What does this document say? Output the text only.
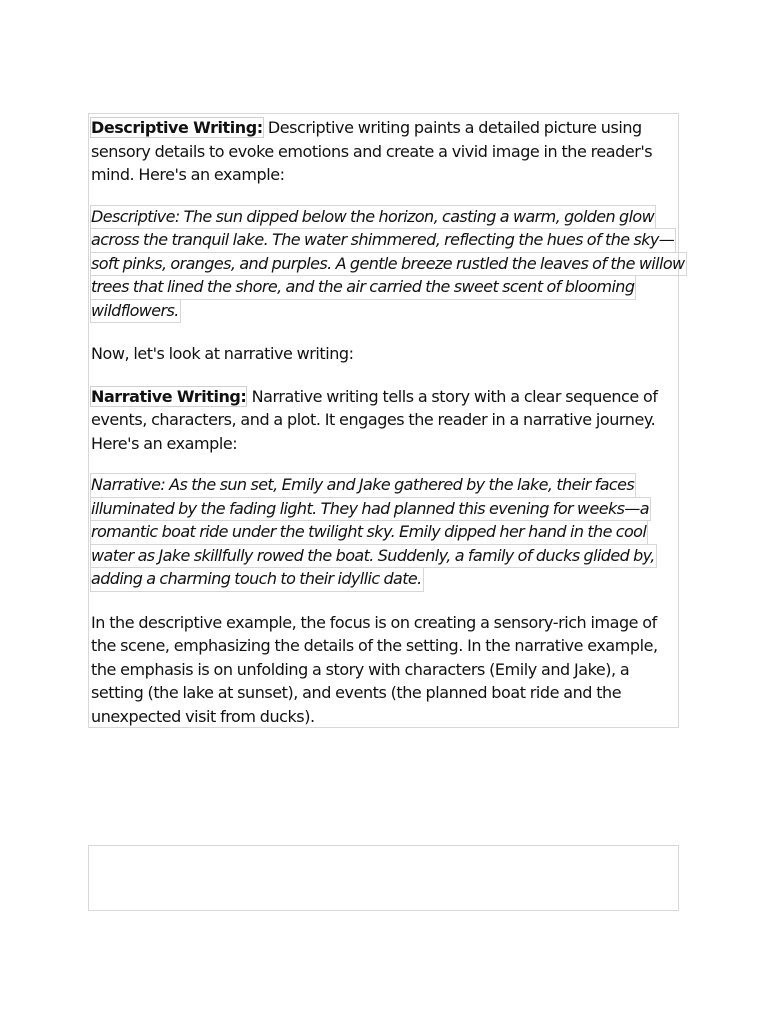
Descriptive Writing: Descriptive writing paints a detailed picture using sensory details to evoke emotions and create a vivid image in the reader's mind. Here's an example:

Descriptive: The sun dipped below the horizon, casting a warm, golden glow
across the tranquil lake. The water shimmered, reflecting the hues of the sky—
soft pinks, oranges, and purples. A gentle breeze rustled the leaves of the willow
trees that lined the shore, and the air carried the sweet scent of blooming
wildflowers.

Now, let's look at narrative writing:

Narrative Writing: Narrative writing tells a story with a clear sequence of events, characters, and a plot. It engages the reader in a narrative journey. Here's an example:

Narrative: As the sun set, Emily and Jake gathered by the lake, their faces
illuminated by the fading light. They had planned this evening for weeks—a
romantic boat ride under the twilight sky. Emily dipped her hand in the cool
water as Jake skillfully rowed the boat. Suddenly, a family of ducks glided by,
adding a charming touch to their idyllic date.

In the descriptive example, the focus is on creating a sensory-rich image of the scene, emphasizing the details of the setting. In the narrative example, the emphasis is on unfolding a story with characters (Emily and Jake), a setting (the lake at sunset), and events (the planned boat ride and the unexpected visit from ducks).
